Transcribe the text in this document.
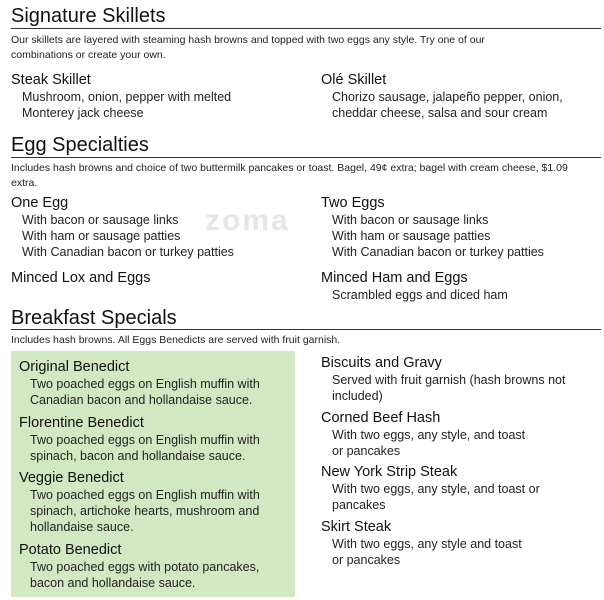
zoma
Signature Skillets
Our skillets are layered with steaming hash browns and topped with two eggs any style. Try one of our
combinations or create your own.
Steak Skillet
Mushroom, onion, pepper with melted
Monterey jack cheese
Olé Skillet
Chorizo sausage, jalapeño pepper, onion,
cheddar cheese, salsa and sour cream
Egg Specialties
Includes hash browns and choice of two buttermilk pancakes or toast. Bagel, 49¢ extra; bagel with cream cheese, $1.09
extra.
One Egg
With bacon or sausage links
With ham or sausage patties
With Canadian bacon or turkey patties
Two Eggs
With bacon or sausage links
With ham or sausage patties
With Canadian bacon or turkey patties
Minced Lox and Eggs	Minced Ham and Eggs
Scrambled eggs and diced ham
Breakfast Specials
Includes hash browns. All Eggs Benedicts are served with fruit garnish.
Original Benedict
Two poached eggs on English muffin with
Canadian bacon and hollandaise sauce.
Florentine Benedict
Two poached eggs on English muffin with
spinach, bacon and hollandaise sauce.
Veggie Benedict
Two poached eggs on English muffin with
spinach, artichoke hearts, mushroom and
hollandaise sauce.
Potato Benedict
Two poached eggs with potato pancakes,
bacon and hollandaise sauce.
Biscuits and Gravy
Served with fruit garnish (hash browns not
included)
Corned Beef Hash
With two eggs, any style, and toast
or pancakes
New York Strip Steak
With two eggs, any style, and toast or
pancakes
Skirt Steak
With two eggs, any style and toast
or pancakes
